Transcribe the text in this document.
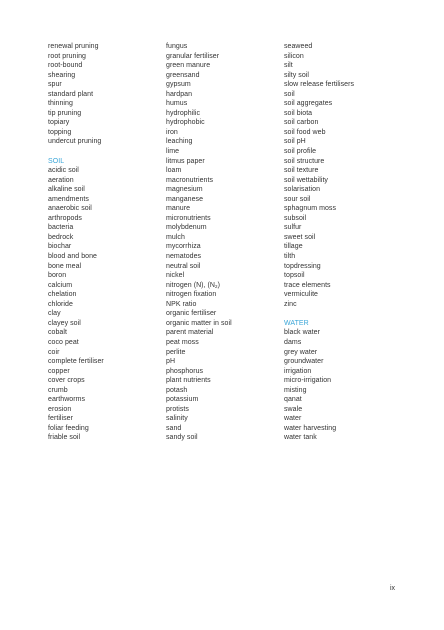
renewal pruning
root pruning
root-bound
shearing
spur
standard plant
thinning
tip pruning
topiary
topping
undercut pruning
SOIL
acidic soil
aeration
alkaline soil
amendments
anaerobic soil
arthropods
bacteria
bedrock
biochar
blood and bone
bone meal
boron
calcium
chelation
chloride
clay
clayey soil
cobalt
coco peat
coir
complete fertiliser
copper
cover crops
crumb
earthworms
erosion
fertiliser
foliar feeding
friable soil
fungus
granular fertiliser
green manure
greensand
gypsum
hardpan
humus
hydrophilic
hydrophobic
iron
leaching
lime
litmus paper
loam
macronutrients
magnesium
manganese
manure
micronutrients
molybdenum
mulch
mycorrhiza
nematodes
neutral soil
nickel
nitrogen (N), $(N_2)$
nitrogen fixation
NPK ratio
organic fertiliser
organic matter in soil
parent material
peat moss
perlite
pH
phosphorus
plant nutrients
potash
potassium
protists
salinity
sand
sandy soil
seaweed
silicon
silt
silty soil
slow release fertilisers
soil
soil aggregates
soil biota
soil carbon
soil food web
soil pH
soil profile
soil structure
soil texture
soil wettability
solarisation
sour soil
sphagnum moss
subsoil
sulfur
sweet soil
tillage
tilth
topdressing
topsoil
trace elements
vermiculite
zinc
WATER
black water
dams
grey water
groundwater
irrigation
micro-irrigation
misting
qanat
swale
water
water harvesting
water tank
ix
